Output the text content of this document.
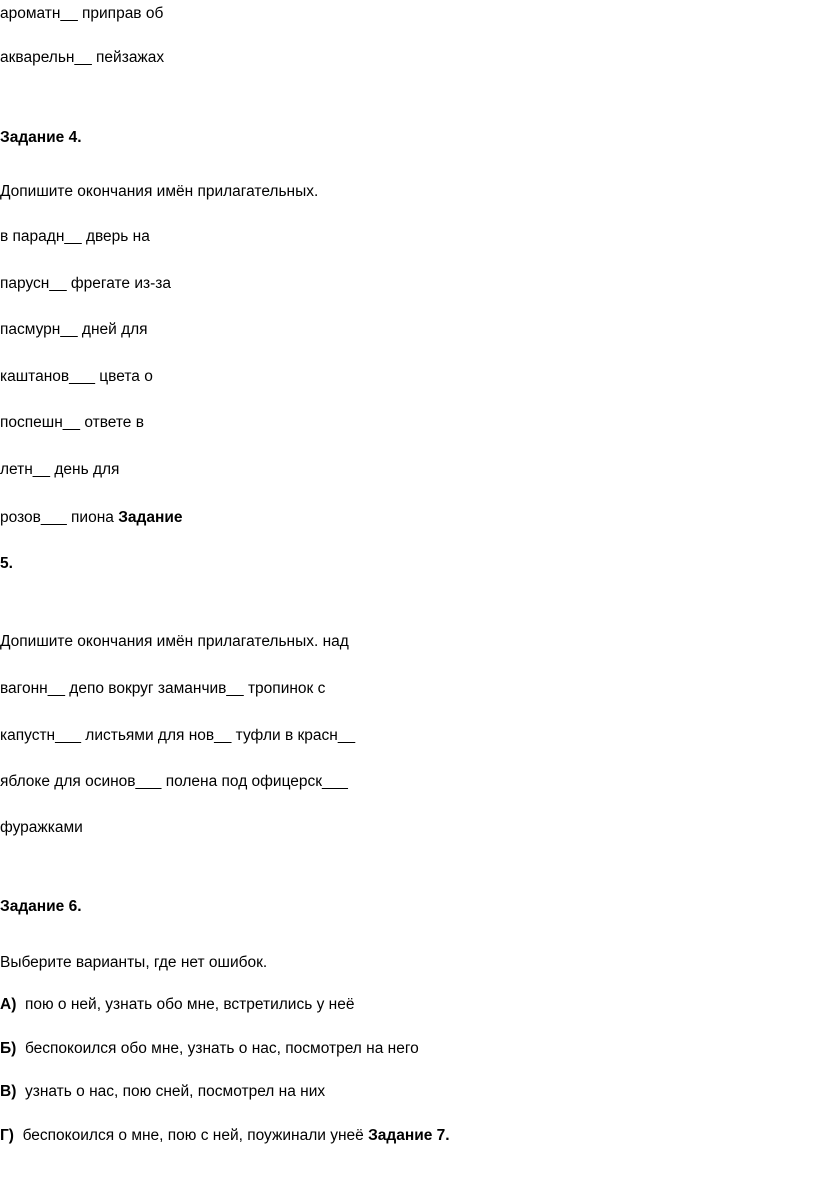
ароматн__ приправ об
акварельн__ пейзажах
Задание 4.
Допишите окончания имён прилагательных.
в парадн__ дверь на
парусн__ фрегате из-за
пасмурн__ дней для
каштанов___ цвета о
поспешн__ ответе в
летн__ день для
розов___ пиона Задание
5.
Допишите окончания имён прилагательных. над
вагонн__ депо вокруг заманчив__ тропинок с
капустн___ листьями для нов__ туфли в красн__
яблоке для осинов___ полена под офицерск___
фуражками
Задание 6.
Выберите варианты, где нет ошибок.
А) пою о ней, узнать обо мне, встретились у неё
Б) беспокоился обо мне, узнать о нас, посмотрел на него
В) узнать о нас, пою сней, посмотрел на них
Г) беспокоился о мне, пою с ней, поужинали унеё Задание 7.
